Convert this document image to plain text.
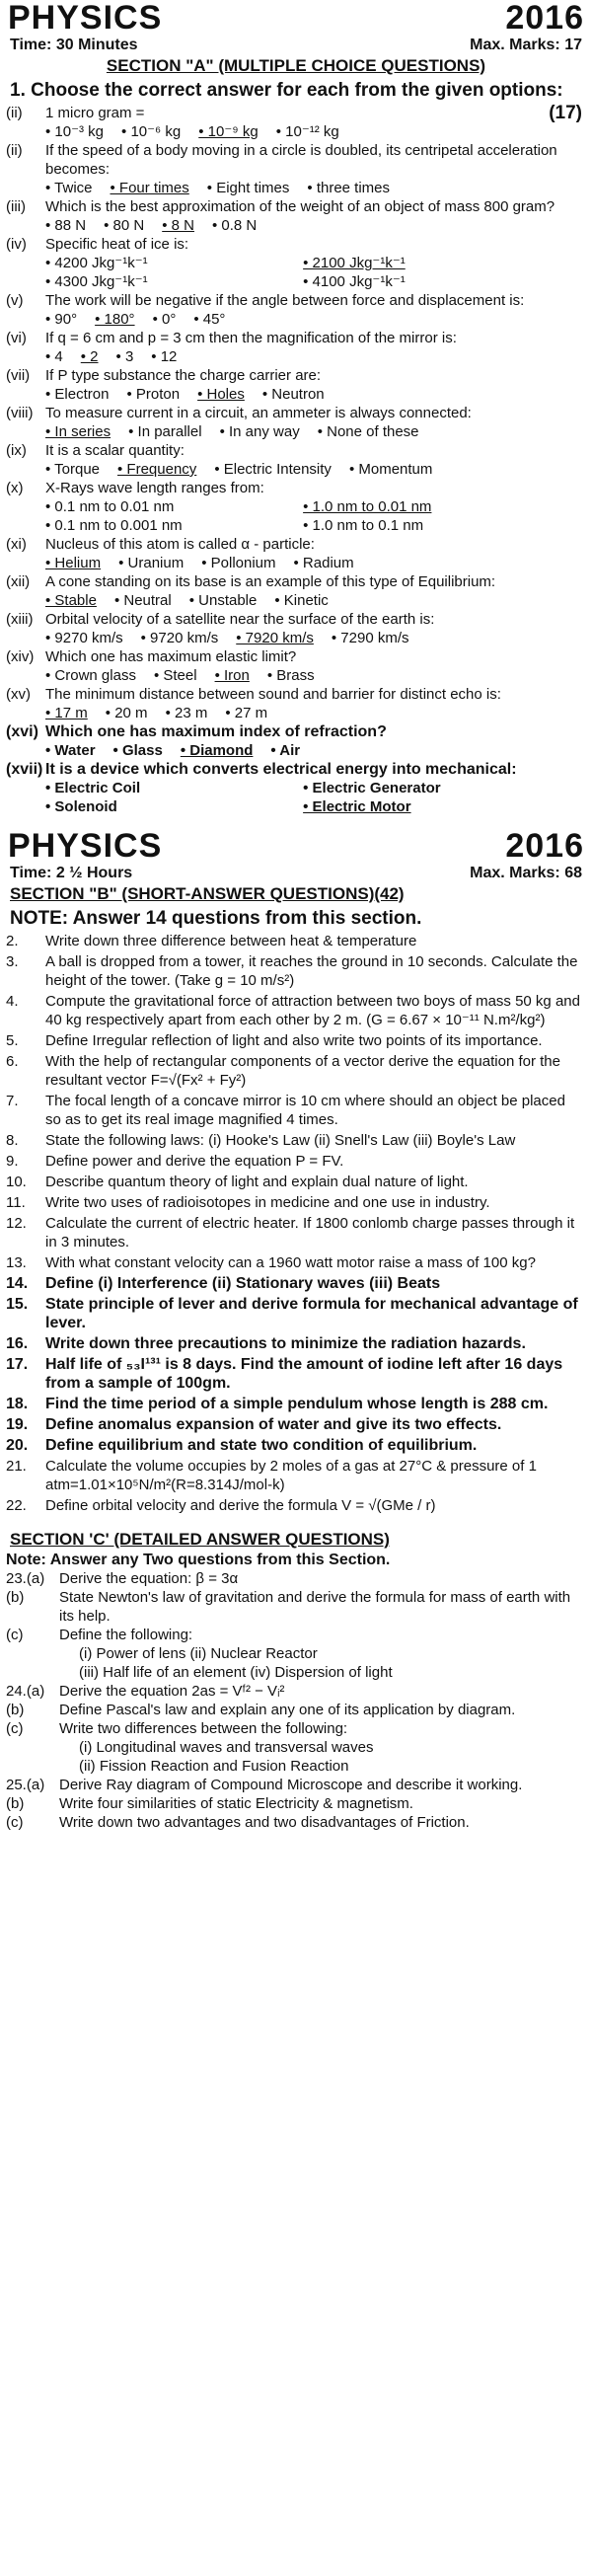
PHYSICS	2016
Time: 30 Minutes	Max. Marks: 17
SECTION "A" (MULTIPLE CHOICE QUESTIONS)
1. Choose the correct answer for each from the given options:
(17)
(ii)	1 micro gram =
• 10⁻³ kg • 10⁻⁶ kg • 10⁻⁹ kg • 10⁻¹² kg
(ii)	If the speed of a body moving in a circle is doubled, its centripetal acceleration becomes:
• Twice • Four times • Eight times • three times
(iii)	Which is the best approximation of the weight of an object of mass 800 gram?
• 88 N • 80 N • 8 N • 0.8 N
(iv)	Specific heat of ice is:
• 4200 Jkg⁻¹k⁻¹	• 2100 Jkg⁻¹k⁻¹
• 4300 Jkg⁻¹k⁻¹	• 4100 Jkg⁻¹k⁻¹
(v)	The work will be negative if the angle between force and displacement is:
• 90° • 180° • 0° • 45°
(vi)	If q = 6 cm and p = 3 cm then the magnification of the mirror is:
• 4 • 2 • 3 • 12
(vii)	If P type substance the charge carrier are:
• Electron • Proton • Holes • Neutron
(viii) To measure current in a circuit, an ammeter is always connected:
• In series • In parallel • In any way • None of these
(ix)	It is a scalar quantity:
• Torque • Frequency • Electric Intensity • Momentum
(x)	X-Rays wave length ranges from:
• 0.1 nm to 0.01 nm	• 1.0 nm to 0.01 nm
• 0.1 nm to 0.001 nm	• 1.0 nm to 0.1 nm
(xi)	Nucleus of this atom is called α - particle:
• Helium • Uranium • Pollonium • Radium
(xii)	A cone standing on its base is an example of this type of Equilibrium:
• Stable • Neutral • Unstable • Kinetic
(xiii) Orbital velocity of a satellite near the surface of the earth is:
• 9270 km/s • 9720 km/s • 7920 km/s • 7290 km/s
(xiv) Which one has maximum elastic limit?
• Crown glass • Steel • Iron • Brass
(xv)	The minimum distance between sound and barrier for distinct echo is:
• 17 m • 20 m • 23 m • 27 m
(xvi) Which one has maximum index of refraction?
• Water • Glass • Diamond • Air
(xvii) It is a device which converts electrical energy into mechanical:
• Electric Coil	• Electric Generator
• Solenoid	• Electric Motor
PHYSICS	2016
Time: 2 ½ Hours	Max. Marks: 68
SECTION "B" (SHORT-ANSWER QUESTIONS)(42)
NOTE: Answer 14 questions from this section.
2.	Write down three difference between heat & temperature
3.	A ball is dropped from a tower, it reaches the ground in 10 seconds. Calculate the height of the tower. (Take g = 10 m/s²)
4.	Compute the gravitational force of attraction between two boys of mass 50 kg and 40 kg respectively apart from each other by 2 m. (G = 6.67 × 10⁻¹¹ N.m²/kg²)
5.	Define Irregular reflection of light and also write two points of its importance.
6.	With the help of rectangular components of a vector derive the equation for the resultant vector F=√(Fx² + Fy²)
7.	The focal length of a concave mirror is 10 cm where should an object be placed so as to get its real image magnified 4 times.
8.	State the following laws: (i) Hooke's Law (ii) Snell's Law (iii) Boyle's Law
9.	Define power and derive the equation P = FV.
10.	Describe quantum theory of light and explain dual nature of light.
11.	Write two uses of radioisotopes in medicine and one use in industry.
12.	Calculate the current of electric heater. If 1800 conlomb charge passes through it in 3 minutes.
13.	With what constant velocity can a 1960 watt motor raise a mass of 100 kg?
14.	Define (i) Interference (ii) Stationary waves (iii) Beats
15.	State principle of lever and derive formula for mechanical advantage of lever.
16.	Write down three precautions to minimize the radiation hazards.
17.	Half life of ₅₃I¹³¹ is 8 days. Find the amount of iodine left after 16 days from a sample of 100gm.
18.	Find the time period of a simple pendulum whose length is 288 cm.
19.	Define anomalus expansion of water and give its two effects.
20.	Define equilibrium and state two condition of equilibrium.
21.	Calculate the volume occupies by 2 moles of a gas at 27°C & pressure of 1 atm=1.01×10⁵N/m²(R=8.314J/mol-k)
22.	Define orbital velocity and derive the formula V = √(GMe / r)
SECTION 'C' (DETAILED ANSWER QUESTIONS)
Note: Answer any Two questions from this Section.
23.(a) Derive the equation: β = 3α
(b)	State Newton's law of gravitation and derive the formula for mass of earth with its help.
(c)	Define the following:
(i) Power of lens (ii) Nuclear Reactor
(iii) Half life of an element (iv) Dispersion of light
24.(a) Derive the equation 2as = Vᶠ² − Vᵢ²
(b)	Define Pascal's law and explain any one of its application by diagram.
(c)	Write two differences between the following:
(i) Longitudinal waves and transversal waves
(ii) Fission Reaction and Fusion Reaction
25.(a) Derive Ray diagram of Compound Microscope and describe it working.
(b)	Write four similarities of static Electricity & magnetism.
(c)	Write down two advantages and two disadvantages of Friction.
